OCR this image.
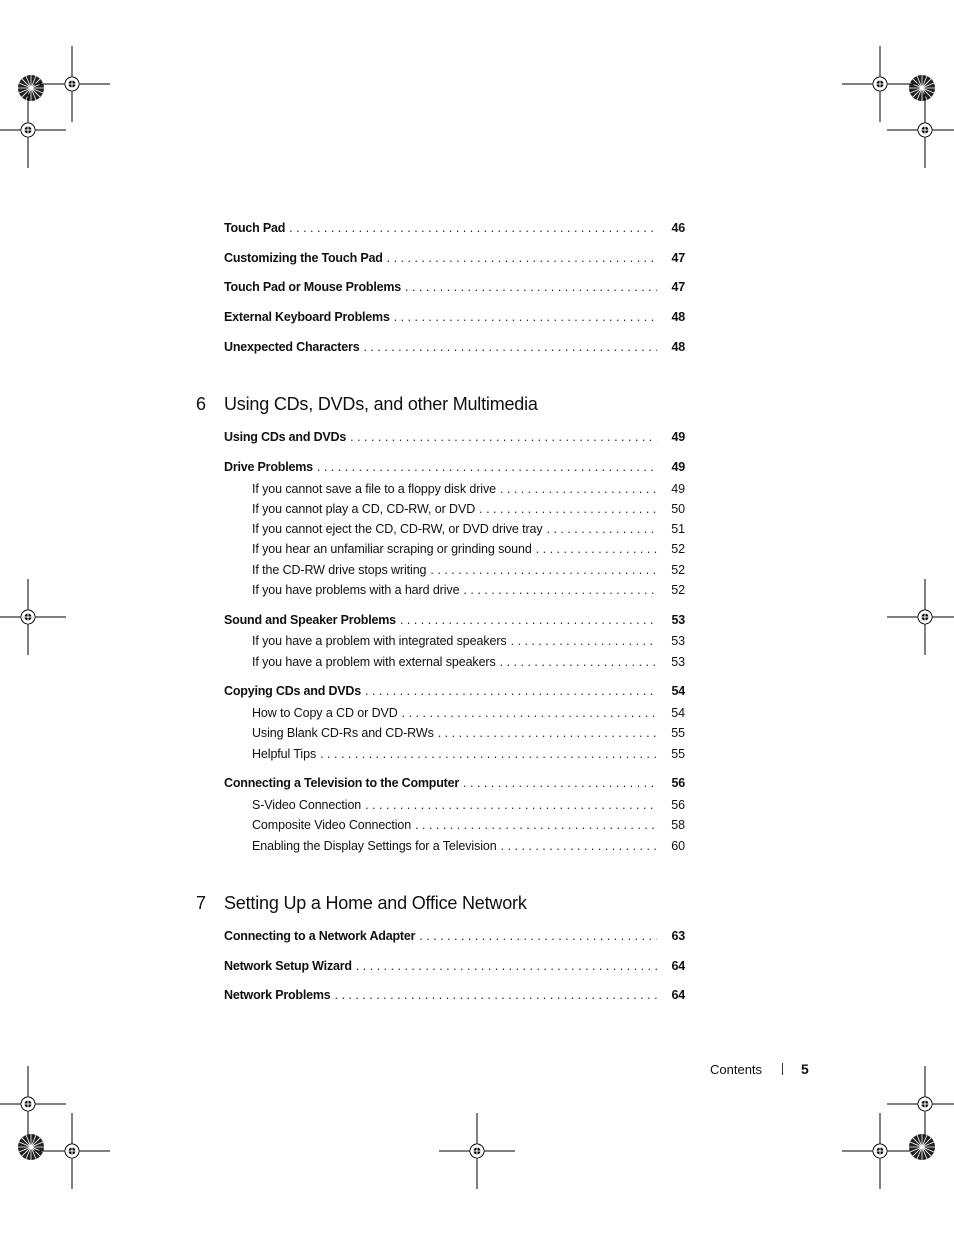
Touch Pad . . .	46
Customizing the Touch Pad . . .	47
Touch Pad or Mouse Problems . . .	47
External Keyboard Problems . . .	48
Unexpected Characters . . .	48
6	Using CDs, DVDs, and other Multimedia
Using CDs and DVDs . . .	49
Drive Problems . . .	49
If you cannot save a file to a floppy disk drive . . .	49
If you cannot play a CD, CD-RW, or DVD . . .	50
If you cannot eject the CD, CD-RW, or DVD drive tray . . .	51
If you hear an unfamiliar scraping or grinding sound . . .	52
If the CD-RW drive stops writing . . .	52
If you have problems with a hard drive . . .	52
Sound and Speaker Problems . . .	53
If you have a problem with integrated speakers . . .	53
If you have a problem with external speakers . . .	53
Copying CDs and DVDs . . .	54
How to Copy a CD or DVD . . .	54
Using Blank CD-Rs and CD-RWs . . .	55
Helpful Tips . . .	55
Connecting a Television to the Computer . . .	56
S-Video Connection . . .	56
Composite Video Connection . . .	58
Enabling the Display Settings for a Television . . .	60
7	Setting Up a Home and Office Network
Connecting to a Network Adapter . . .	63
Network Setup Wizard . . .	64
Network Problems . . .	64
Contents	5
